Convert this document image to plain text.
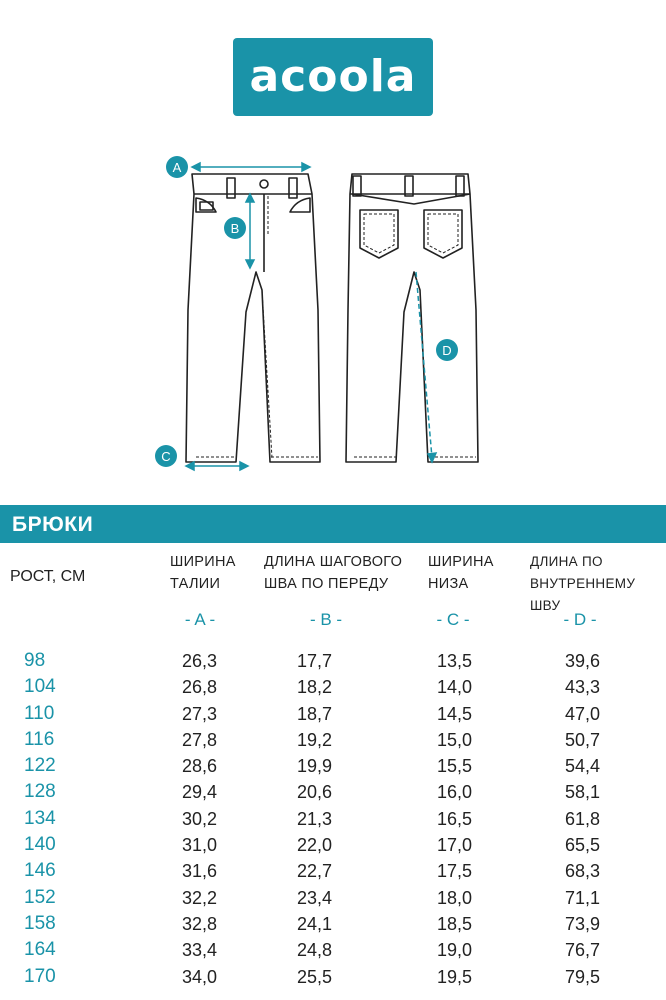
acoola
A
B
C
D
БРЮКИ
РОСТ, СМ
ШИРИНА
ТАЛИИ
ДЛИНА ШАГОВОГО
ШВА ПО ПЕРЕДУ
ШИРИНА
НИЗА
ДЛИНА ПО
ВНУТРЕННЕМУ ШВУ
- A -	- B -	- C -	- D -
98	26,3	17,7	13,5	39,6
104	26,8	18,2	14,0	43,3
110	27,3	18,7	14,5	47,0
116	27,8	19,2	15,0	50,7
122	28,6	19,9	15,5	54,4
128	29,4	20,6	16,0	58,1
134	30,2	21,3	16,5	61,8
140	31,0	22,0	17,0	65,5
146	31,6	22,7	17,5	68,3
152	32,2	23,4	18,0	71,1
158	32,8	24,1	18,5	73,9
164	33,4	24,8	19,0	76,7
170	34,0	25,5	19,5	79,5
